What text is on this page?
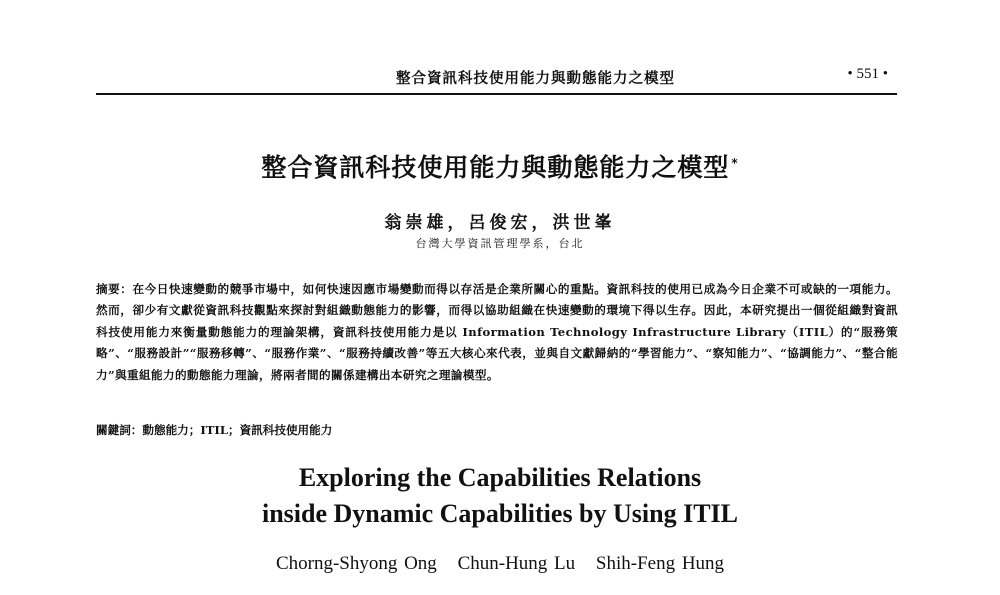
整合資訊科技使用能力與動態能力之模型	• 551 •
整合資訊科技使用能力與動態能力之模型 *
翁崇雄，呂俊宏，洪世峯
台灣大學資訊管理學系，台北
摘要：在今日快速變動的競爭市場中，如何快速因應市場變動而得以存活是企業所關心的重點。資訊科技的使用已成為今日企業不可或缺的一項能力。然而，卻少有文獻從資訊科技觀點來探討對組織動態能力的影響，而得以協助組織在快速變動的環境下得以生存。因此，本研究提出一個從組織對資訊科技使用能力來衡量動態能力的理論架構，資訊科技使用能力是以 Information Technology Infrastructure Library（ITIL）的“服務策略”、“服務設計”“服務移轉”、“服務作業”、“服務持續改善”等五大核心來代表，並與自文獻歸納的“學習能力”、“察知能力”、“協調能力”、“整合能力”與重組能力的動態能力理論，將兩者間的關係建構出本研究之理論模型。
關鍵詞：動態能力；ITIL；資訊科技使用能力
Exploring the Capabilities Relations
inside Dynamic Capabilities by Using ITIL
Chorng-Shyong Ong Chun-Hung Lu Shih-Feng Hung
